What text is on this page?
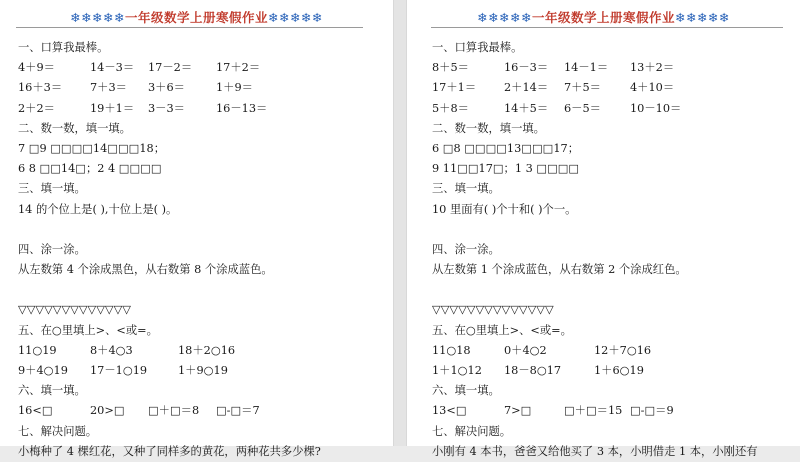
❄❄❄❄❄一年级数学上册寒假作业❄❄❄❄❄
一、口算我最棒。
4＋9＝	14－3＝ 17－2＝ 17＋2＝
16＋3＝ 7＋3＝ 3＋6＝	1＋9＝
2＋2＝	19＋1＝ 3－3＝	16－13＝
二、数一数，填一填。
7 □9 □□□□14□□□18；
6 8 □□14□；2 4 □□□□
三、填一填。
14 的个位上是( ),十位上是( )。
四、涂一涂。
从左数第 4 个涂成黑色，从右数第 8 个涂成蓝色。
▽▽▽▽▽▽▽▽▽▽▽▽▽
五、在○里填上>、<或=。
11○19	8＋4○3	18＋2○16
9＋4○19 17－1○19	1＋9○19
六、填一填。
16<□	20>□ □＋□＝8 □-□＝7
七、解决问题。
小梅种了 4 棵红花，又种了同样多的黄花，两种花共多少棵?
❄❄❄❄❄一年级数学上册寒假作业❄❄❄❄❄
一、口算我最棒。
8＋5＝	16－3＝ 14－1＝ 13＋2＝
17＋1＝ 2＋14＝ 7＋5＝	4＋10＝
5＋8＝	14＋5＝ 6－5＝	10－10＝
二、数一数，填一填。
6 □8 □□□□13□□□17；
9 11□□17□；1 3 □□□□
三、填一填。
10 里面有( )个十和( )个一。
四、涂一涂。
从左数第 1 个涂成蓝色，从右数第 2 个涂成红色。
▽▽▽▽▽▽▽▽▽▽▽▽▽▽
五、在○里填上>、<或=。
11○18	0＋4○2	12＋7○16
1＋1○12 18－8○17	1＋6○19
六、填一填。
13<□	7>□	□＋□＝15 □-□＝9
七、解决问题。
小刚有 4 本书，爸爸又给他买了 3 本，小明借走 1 本，小刚还有
